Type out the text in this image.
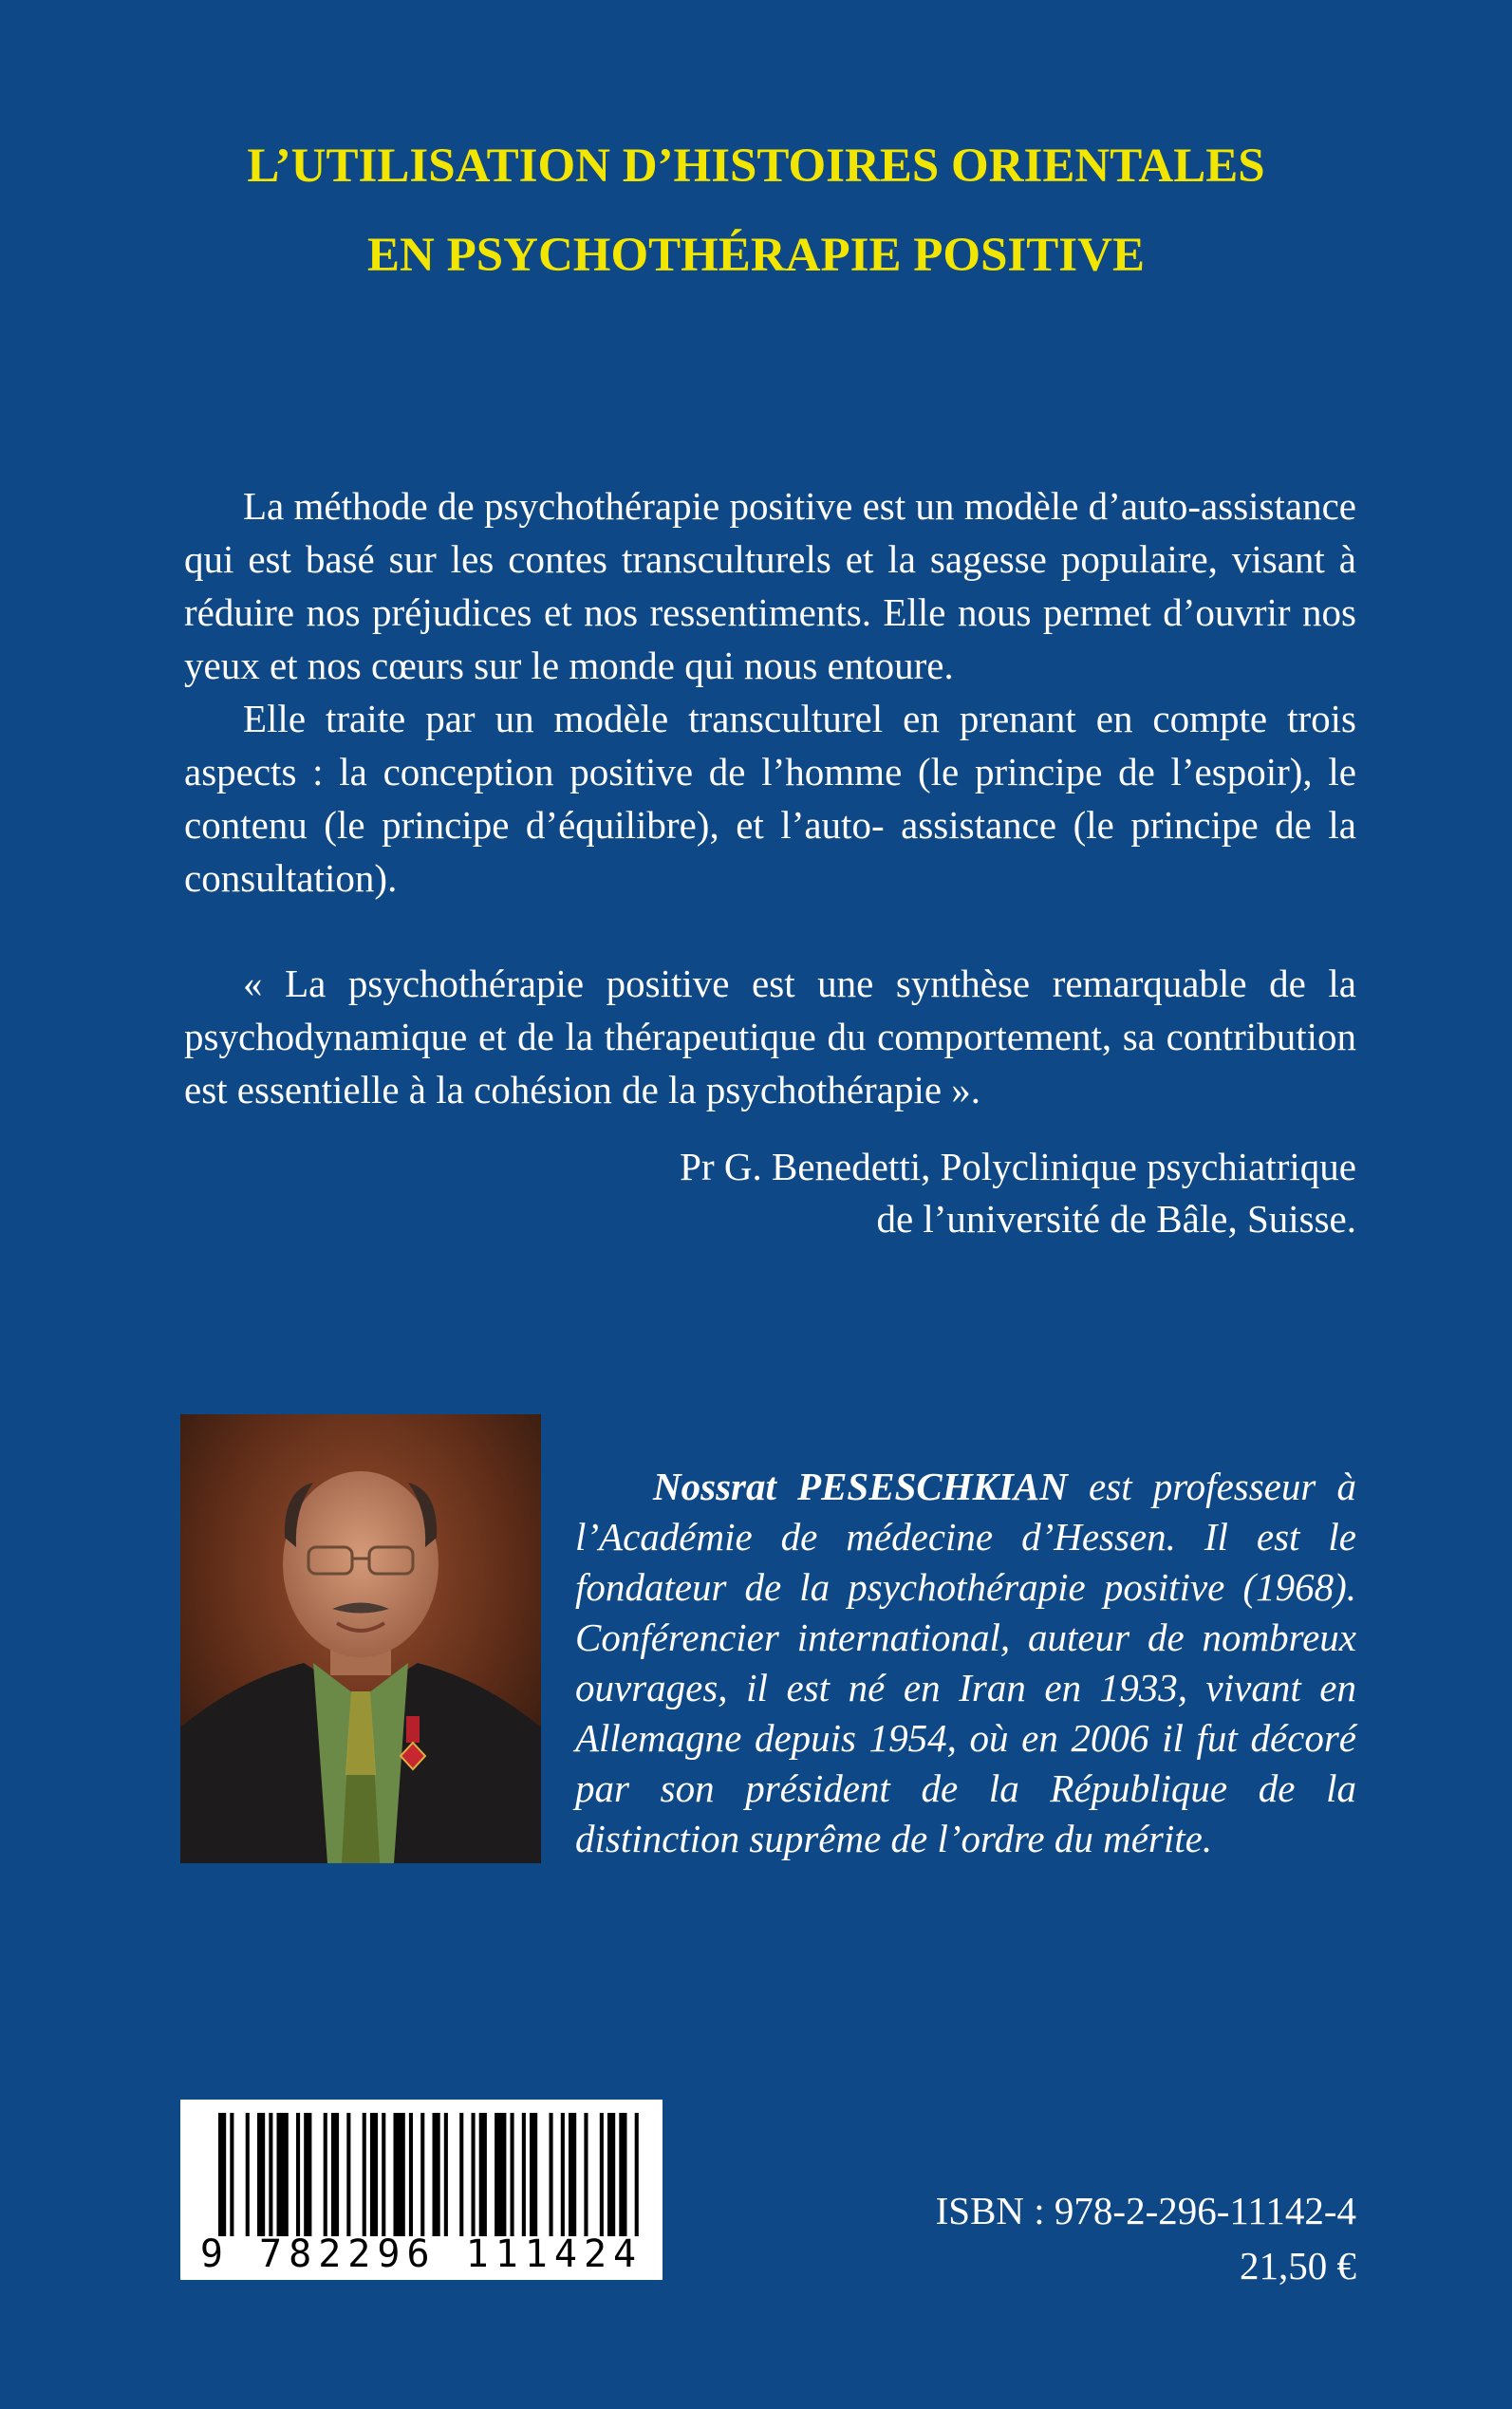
L’UTILISATION D’HISTOIRES ORIENTALES
EN PSYCHOTHÉRAPIE POSITIVE

La méthode de psychothérapie positive est un modèle d’auto-assistance qui est basé sur les contes transculturels et la sagesse populaire, visant à réduire nos préjudices et nos ressentiments. Elle nous permet d’ouvrir nos yeux et nos cœurs sur le monde qui nous entoure.

Elle traite par un modèle transculturel en prenant en compte trois aspects : la conception positive de l’homme (le principe de l’espoir), le contenu (le principe d’équilibre), et l’auto- assistance (le principe de la consultation).

« La psychothérapie positive est une synthèse remarquable de la psychodynamique et de la thérapeutique du comportement, sa contribution est essentielle à la cohésion de la psychothérapie ».

Pr G. Benedetti, Polyclinique psychiatrique
de l’université de Bâle, Suisse.

Nossrat PESESCHKIAN est professeur à l’Académie de médecine d’Hessen. Il est le fondateur de la psychothérapie positive (1968). Conférencier international, auteur de nombreux ouvrages, il est né en Iran en 1933, vivant en Allemagne depuis 1954, où en 2006 il fut décoré par son président de la République de la distinction suprême de l’ordre du mérite.

9 782296 111424
ISBN : 978-2-296-11142-4
21,50 €
